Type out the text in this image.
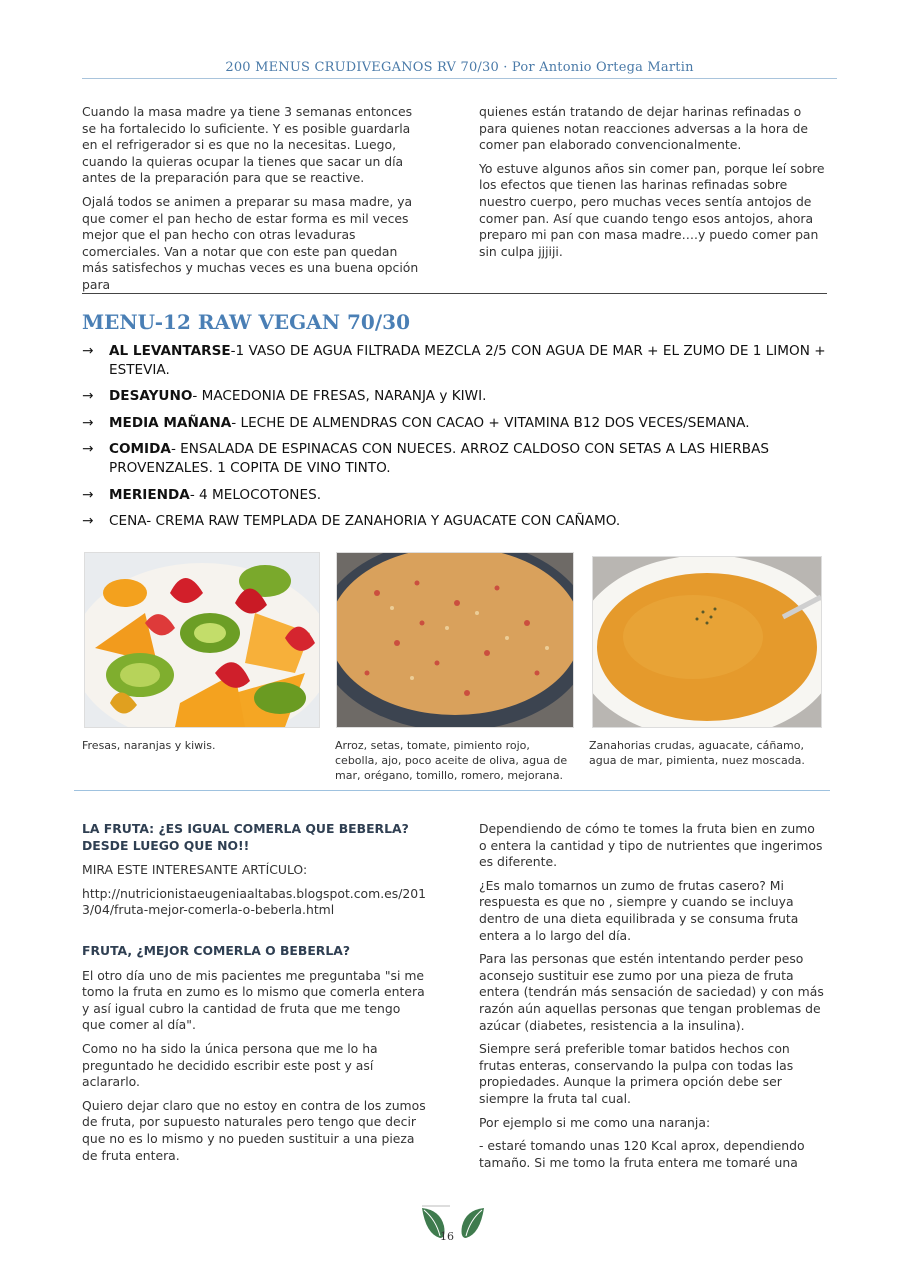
200 MENUS CRUDIVEGANOS RV 70/30 · Por Antonio Ortega Martin

Cuando la masa madre ya tiene 3 semanas entonces se ha fortalecido lo suficiente. Y es posible guardarla en el refrigerador si es que no la necesitas. Luego, cuando la quieras ocupar la tienes que sacar un día antes de la preparación para que se reactive.

Ojalá todos se animen a preparar su masa madre, ya que comer el pan hecho de estar forma es mil veces mejor que el pan hecho con otras levaduras comerciales. Van a notar que con este pan quedan más satisfechos y muchas veces es una buena opción para

quienes están tratando de dejar harinas refinadas o para quienes notan reacciones adversas a la hora de comer pan elaborado convencionalmente.

Yo estuve algunos años sin comer pan, porque leí sobre los efectos que tienen las harinas refinadas sobre nuestro cuerpo, pero muchas veces sentía antojos de comer pan. Así que cuando tengo esos antojos, ahora preparo mi pan con masa madre….y puedo comer pan sin culpa jjjiji.

MENU-12 RAW VEGAN 70/30
→ AL LEVANTARSE-1 VASO DE AGUA FILTRADA MEZCLA 2/5 CON AGUA DE MAR + EL ZUMO DE 1 LIMON + ESTEVIA.
→ DESAYUNO- MACEDONIA DE FRESAS, NARANJA y KIWI.
→ MEDIA MAÑANA- LECHE DE ALMENDRAS CON CACAO + VITAMINA B12 DOS VECES/SEMANA.
→ COMIDA- ENSALADA DE ESPINACAS CON NUECES. ARROZ CALDOSO CON SETAS A LAS HIERBAS PROVENZALES. 1 COPITA DE VINO TINTO.
→ MERIENDA- 4 MELOCOTONES.
→ CENA- CREMA RAW TEMPLADA DE ZANAHORIA Y AGUACATE CON CAÑAMO.
Fresas, naranjas y kiwis.	Arroz, setas, tomate, pimiento rojo, cebolla, ajo, poco aceite de oliva, agua de mar, orégano, tomillo, romero, mejorana.
Zanahorias crudas, aguacate, cáñamo, agua de mar, pimienta, nuez moscada.
LA FRUTA: ¿ES IGUAL COMERLA QUE BEBERLA? DESDE LUEGO QUE NO!!

MIRA ESTE INTERESANTE ARTÍCULO:

http://nutricionistaeugeniaaltabas.blogspot.com.es/2013/04/fruta-mejor-comerla-o-beberla.html

FRUTA, ¿MEJOR COMERLA O BEBERLA?

El otro día uno de mis pacientes me preguntaba "si me tomo la fruta en zumo es lo mismo que comerla entera y así igual cubro la cantidad de fruta que me tengo que comer al día".

Como no ha sido la única persona que me lo ha preguntado he decidido escribir este post y así aclararlo.

Quiero dejar claro que no estoy en contra de los zumos de fruta, por supuesto naturales pero tengo que decir que no es lo mismo y no pueden sustituir a una pieza de fruta entera.

Dependiendo de cómo te tomes la fruta bien en zumo o entera la cantidad y tipo de nutrientes que ingerimos es diferente.

¿Es malo tomarnos un zumo de frutas casero? Mi respuesta es que no , siempre y cuando se incluya dentro de una dieta equilibrada y se consuma fruta entera a lo largo del día.

Para las personas que estén intentando perder peso aconsejo sustituir ese zumo por una pieza de fruta entera (tendrán más sensación de saciedad) y con más razón aún aquellas personas que tengan problemas de azúcar (diabetes, resistencia a la insulina).

Siempre será preferible tomar batidos hechos con frutas enteras, conservando la pulpa con todas las propiedades. Aunque la primera opción debe ser siempre la fruta tal cual.

Por ejemplo si me como una naranja:

- estaré tomando unas 120 Kcal aprox, dependiendo tamaño. Si me tomo la fruta entera me tomaré una

16
